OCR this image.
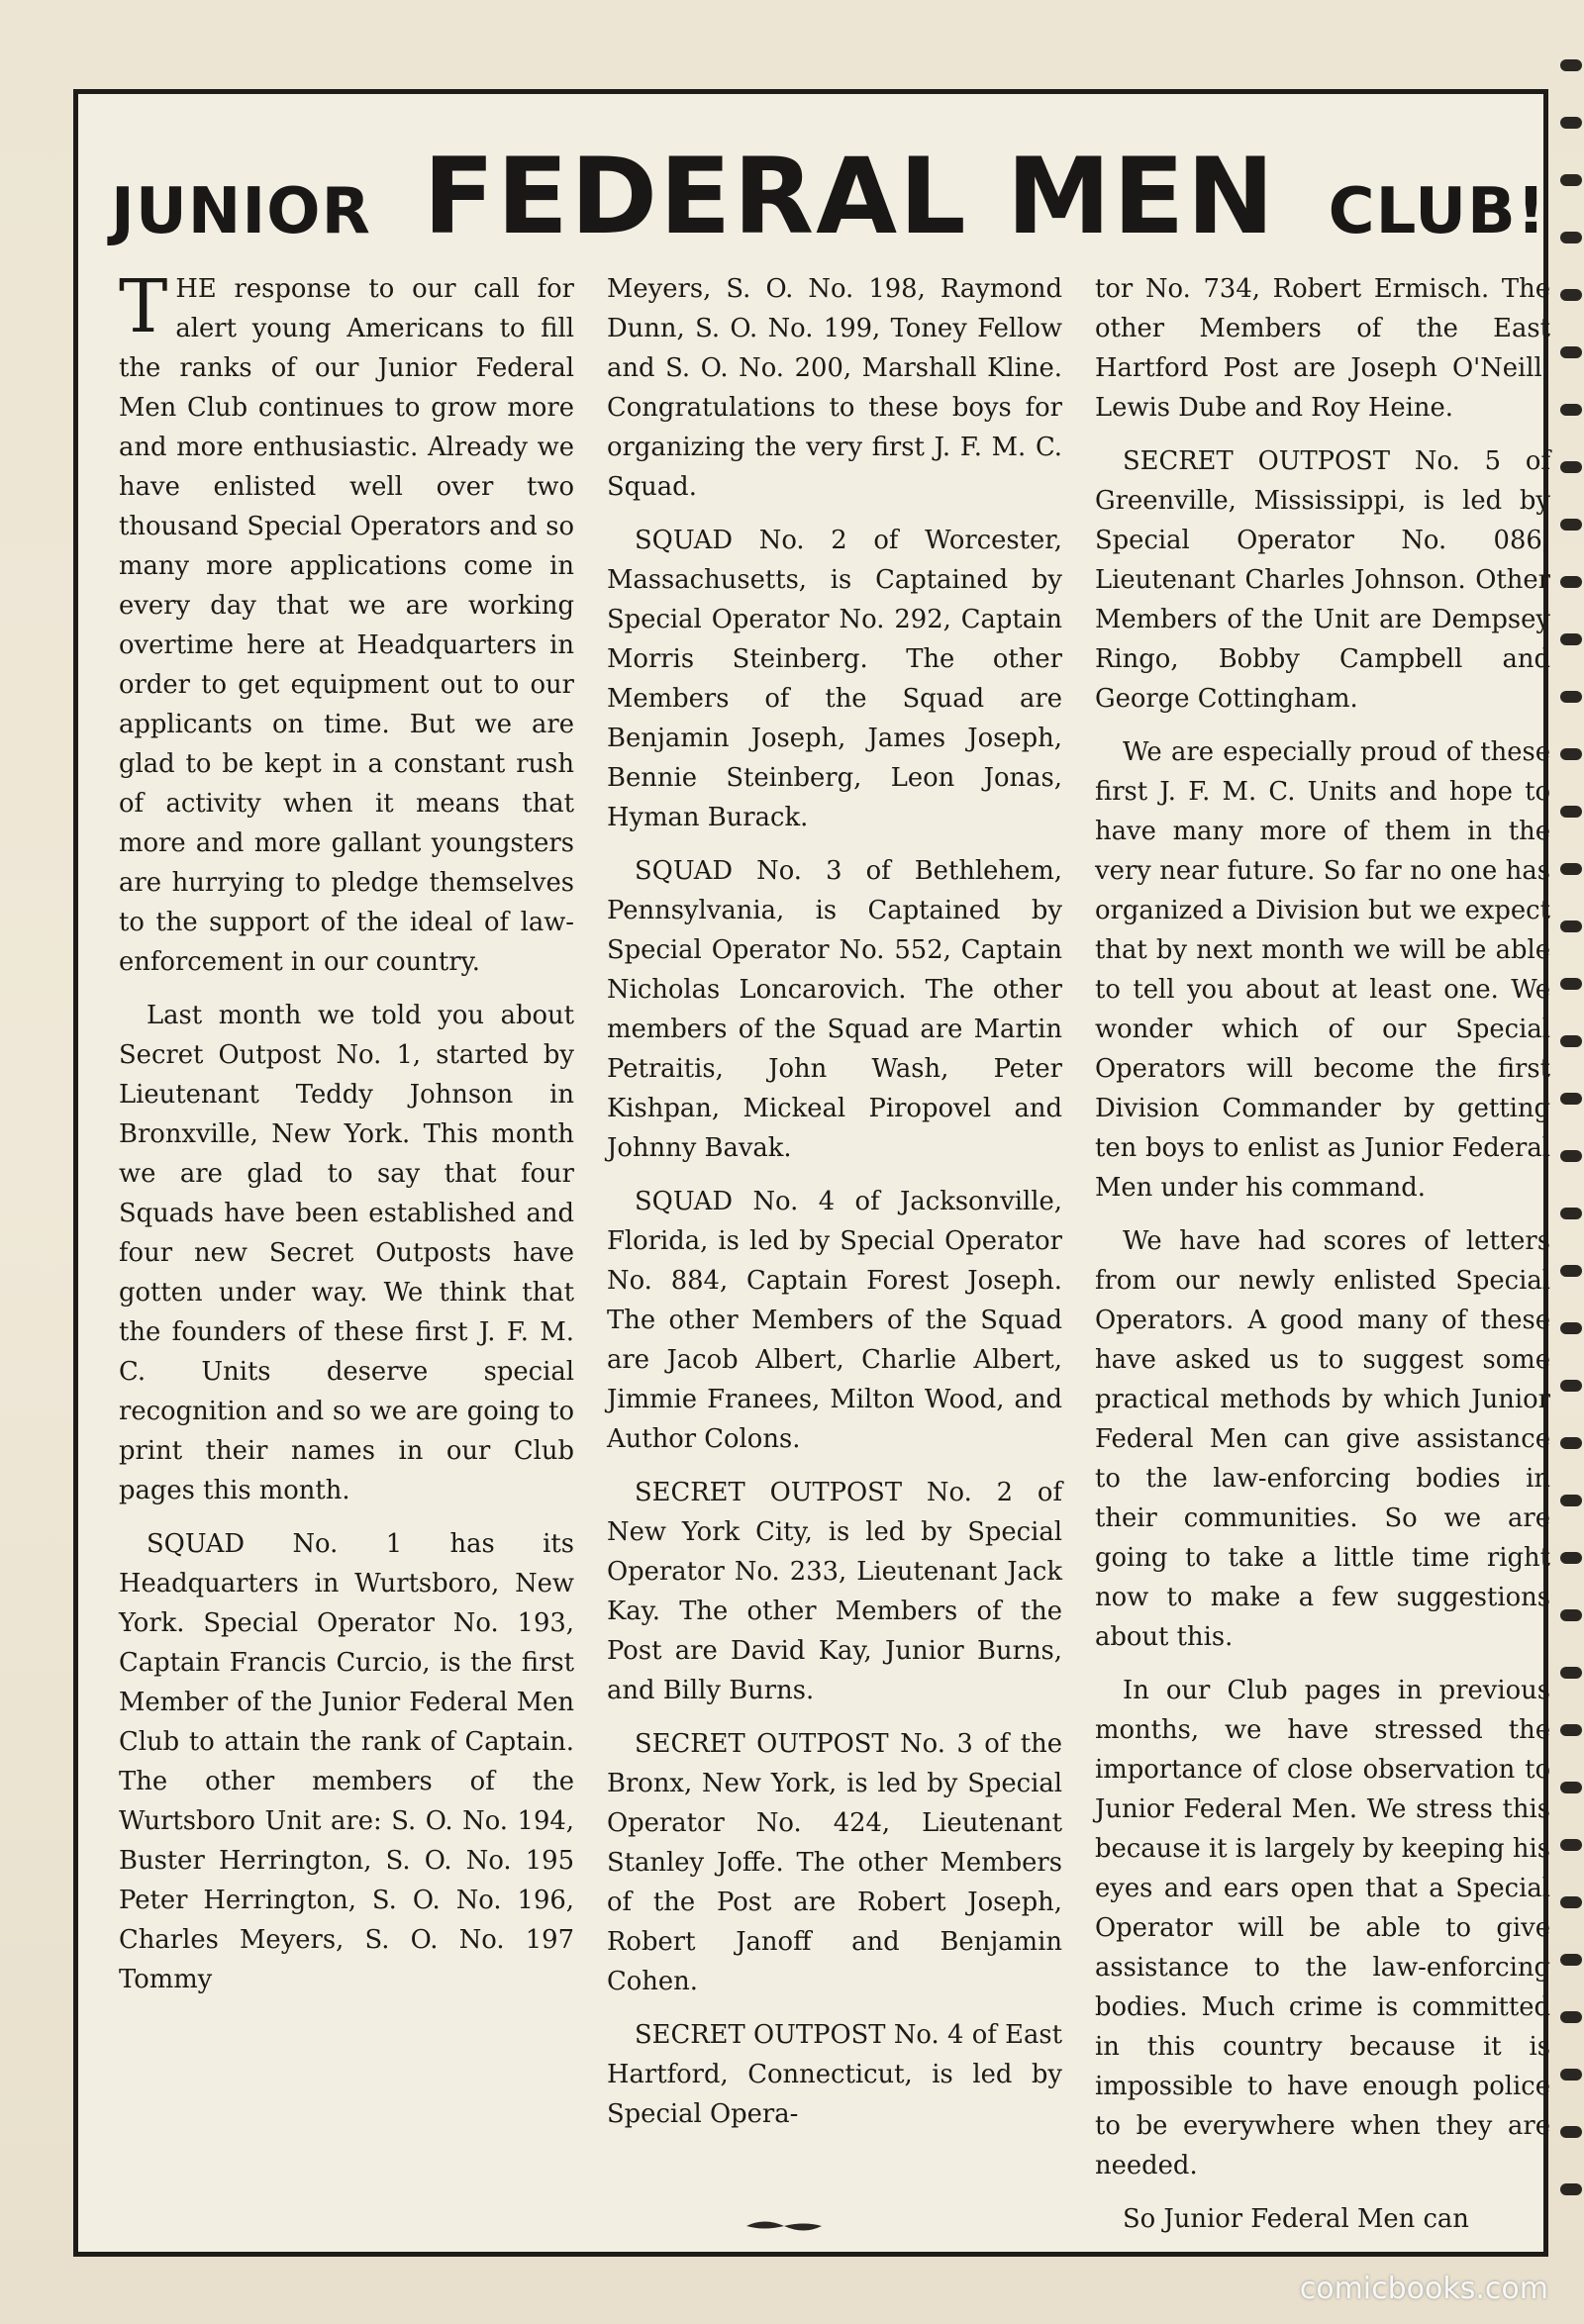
JUNIOR FEDERAL MEN CLUB!

THE response to our call for alert young Americans to fill the ranks of our Junior Federal Men Club continues to grow more and more enthusiastic. Already we have enlisted well over two thousand Special Operators and so many more applications come in every day that we are working overtime here at Headquarters in order to get equipment out to our applicants on time. But we are glad to be kept in a constant rush of activity when it means that more and more gallant youngsters are hurrying to pledge themselves to the support of the ideal of law-enforcement in our country.

Last month we told you about Secret Outpost No. 1, started by Lieutenant Teddy Johnson in Bronxville, New York. This month we are glad to say that four Squads have been established and four new Secret Outposts have gotten under way. We think that the founders of these first J. F. M. C. Units deserve special recognition and so we are going to print their names in our Club pages this month.

SQUAD No. 1 has its Headquarters in Wurtsboro, New York. Special Operator No. 193, Captain Francis Curcio, is the first Member of the Junior Federal Men Club to attain the rank of Captain. The other members of the Wurtsboro Unit are: S. O. No. 194, Buster Herrington, S. O. No. 195 Peter Herrington, S. O. No. 196, Charles Meyers, S. O. No. 197 Tommy

Meyers, S. O. No. 198, Raymond Dunn, S. O. No. 199, Toney Fellow and S. O. No. 200, Marshall Kline. Congratulations to these boys for organizing the very first J. F. M. C. Squad.

SQUAD No. 2 of Worcester, Massachusetts, is Captained by Special Operator No. 292, Captain Morris Steinberg. The other Members of the Squad are Benjamin Joseph, James Joseph, Bennie Steinberg, Leon Jonas, Hyman Burack.

SQUAD No. 3 of Bethlehem, Pennsylvania, is Captained by Special Operator No. 552, Captain Nicholas Loncarovich. The other members of the Squad are Martin Petraitis, John Wash, Peter Kishpan, Mickeal Piropovel and Johnny Bavak.

SQUAD No. 4 of Jacksonville, Florida, is led by Special Operator No. 884, Captain Forest Joseph. The other Members of the Squad are Jacob Albert, Charlie Albert, Jimmie Franees, Milton Wood, and Author Colons.

SECRET OUTPOST No. 2 of New York City, is led by Special Operator No. 233, Lieutenant Jack Kay. The other Members of the Post are David Kay, Junior Burns, and Billy Burns.

SECRET OUTPOST No. 3 of the Bronx, New York, is led by Special Operator No. 424, Lieutenant Stanley Joffe. The other Members of the Post are Robert Joseph, Robert Janoff and Benjamin Cohen.

SECRET OUTPOST No. 4 of East Hartford, Connecticut, is led by Special Opera-

tor No. 734, Robert Ermisch. The other Members of the East Hartford Post are Joseph O'Neill, Lewis Dube and Roy Heine.

SECRET OUTPOST No. 5 of Greenville, Mississippi, is led by Special Operator No. 086, Lieutenant Charles Johnson. Other Members of the Unit are Dempsey Ringo, Bobby Campbell and George Cottingham.

We are especially proud of these first J. F. M. C. Units and hope to have many more of them in the very near future. So far no one has organized a Division but we expect that by next month we will be able to tell you about at least one. We wonder which of our Special Operators will become the first Division Commander by getting ten boys to enlist as Junior Federal Men under his command.

We have had scores of letters from our newly enlisted Special Operators. A good many of these have asked us to suggest some practical methods by which Junior Federal Men can give assistance to the law-enforcing bodies in their communities. So we are going to take a little time right now to make a few suggestions about this.

In our Club pages in previous months, we have stressed the importance of close observation to Junior Federal Men. We stress this because it is largely by keeping his eyes and ears open that a Special Operator will be able to give assistance to the law-enforcing bodies. Much crime is committed in this country because it is impossible to have enough police to be everywhere when they are needed.

So Junior Federal Men can

comicbooks.com
